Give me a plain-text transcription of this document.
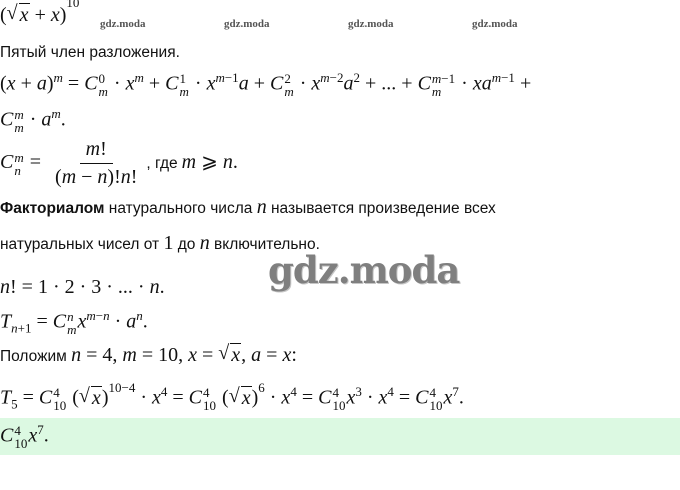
gdz.moda	gdz.moda	gdz.moda	gdz.moda
( √ x + x)$^{10}$
Пятый член разложения.
$(x + a)^m = C$ 0
$m \cdot x^m + C$ 1
$m \cdot x^{m-1}a + C$ 2
$m \cdot x^{m-2}a^2$ + ... + C m−1
$m \cdot xa^{m-1}$ +
C m
$m \cdot a^m$.
C m
$n = \frac{m!}{(m - n)!n!}$ , где m ⩾ n.
Факториалом натурального числа n называется произведение всех
натуральных чисел от 1 до n включительно.
gdz.moda
n! = 1 · 2 · 3 · ... · n.
$T_{n+1} = C$ n
m $x^{m-n} \cdot a^n$.
Положим n = 4, m = 10, x = √ x, a = x:
$T_5 = C$ 4
10 ( √ $x)^{10-4} \cdot x^4 = C$ 4
10 ( √ $x)^6 \cdot x^4 = C$ 4
10 $x^3 \cdot x^4 = C$ 4
10 $x^7$.
C 4
10 $x^7$.
